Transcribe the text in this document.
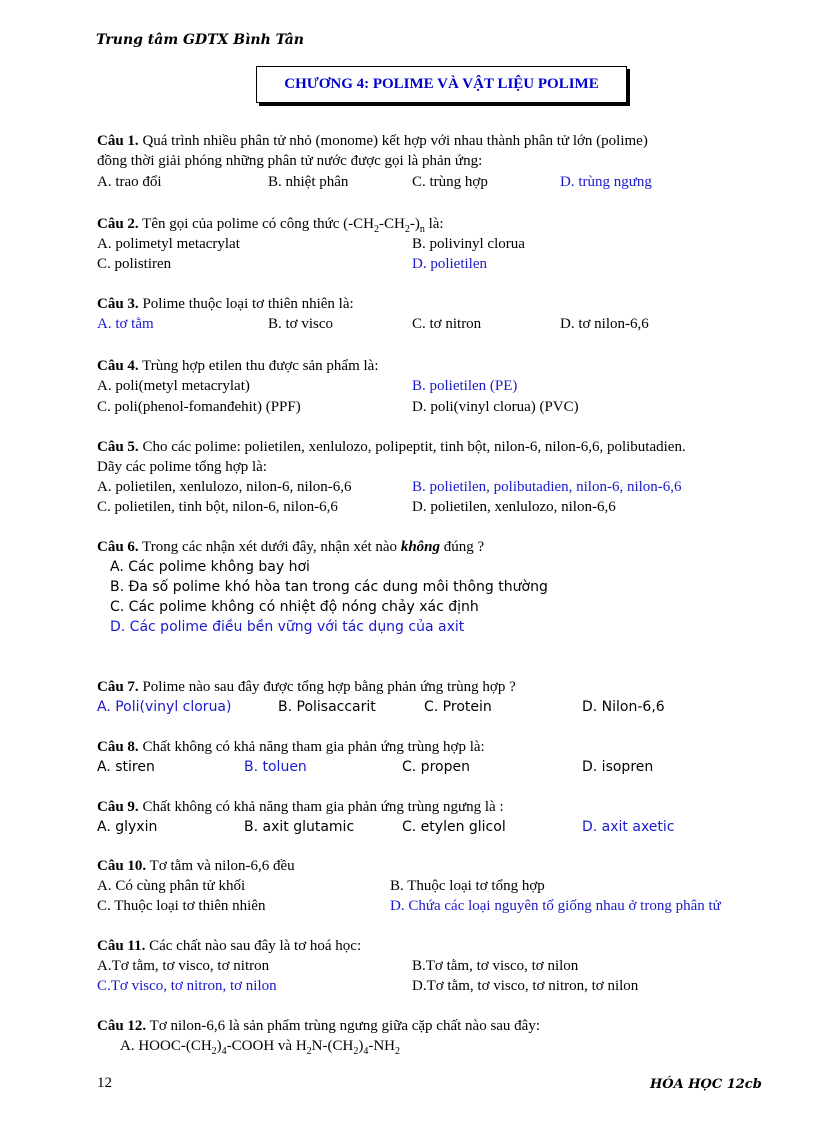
Trung tâm GDTX Bình Tân
CHƯƠNG 4: POLIME VÀ VẬT LIỆU POLIME
Câu 1. Quá trình nhiều phân tử nhỏ (monome) kết hợp với nhau thành phân tử lớn (polime)
đồng thời giải phóng những phân tử nước được gọi là phản ứng:
A. trao đổi	B. nhiệt phân	C. trùng hợp	D. trùng ngưng
Câu 2. Tên gọi của polime có công thức $(-CH_2-CH_2-)_n$ là:
A. polimetyl metacrylat	B. polivinyl clorua
C. polistiren	D. polietilen
Câu 3. Polime thuộc loại tơ thiên nhiên là:
A. tơ tằm	B. tơ visco	C. tơ nitron	D. tơ nilon-6,6
Câu 4. Trùng hợp etilen thu được sản phẩm là:
A. poli(metyl metacrylat)	B. polietilen (PE)
C. poli(phenol-fomanđehit) (PPF)	D. poli(vinyl clorua) (PVC)
Câu 5. Cho các polime: polietilen, xenlulozo, polipeptit, tinh bột, nilon-6, nilon-6,6, polibutadien.
Dãy các polime tổng hợp là:
A. polietilen, xenlulozo, nilon-6, nilon-6,6	B. polietilen, polibutadien, nilon-6, nilon-6,6
C. polietilen, tinh bột, nilon-6, nilon-6,6	D. polietilen, xenlulozo, nilon-6,6
Câu 6. Trong các nhận xét dưới đây, nhận xét nào không đúng ?
A. Các polime không bay hơi
B. Đa số polime khó hòa tan trong các dung môi thông thường
C. Các polime không có nhiệt độ nóng chảy xác định
D. Các polime điều bền vững với tác dụng của axit
Câu 7. Polime nào sau đây được tổng hợp bằng phản ứng trùng hợp ?
A. Poli(vinyl clorua)	B. Polisaccarit	C. Protein	D. Nilon-6,6
Câu 8. Chất không có khả năng tham gia phản ứng trùng hợp là:
A. stiren	B. toluen	C. propen	D. isopren
Câu 9. Chất không có khả năng tham gia phản ứng trùng ngưng là :
A. glyxin	B. axit glutamic	C. etylen glicol	D. axit axetic
Câu 10. Tơ tằm và nilon-6,6 đều
A. Có cùng phân tử khối	B. Thuộc loại tơ tổng hợp
C. Thuộc loại tơ thiên nhiên	D. Chứa các loại nguyên tố giống nhau ở trong phân tử
Câu 11. Các chất nào sau đây là tơ hoá học:
A.Tơ tằm, tơ visco, tơ nitron	B.Tơ tằm, tơ visco, tơ nilon
C.Tơ visco, tơ nitron, tơ nilon	D.Tơ tằm, tơ visco, tơ nitron, tơ nilon
Câu 12. Tơ nilon-6,6 là sản phẩm trùng ngưng giữa cặp chất nào sau đây:
A. HOOC-$(CH_2)_4$-COOH và $H_2N-(CH_2)_4-NH_2$
12	HÓA HỌC 12cb
